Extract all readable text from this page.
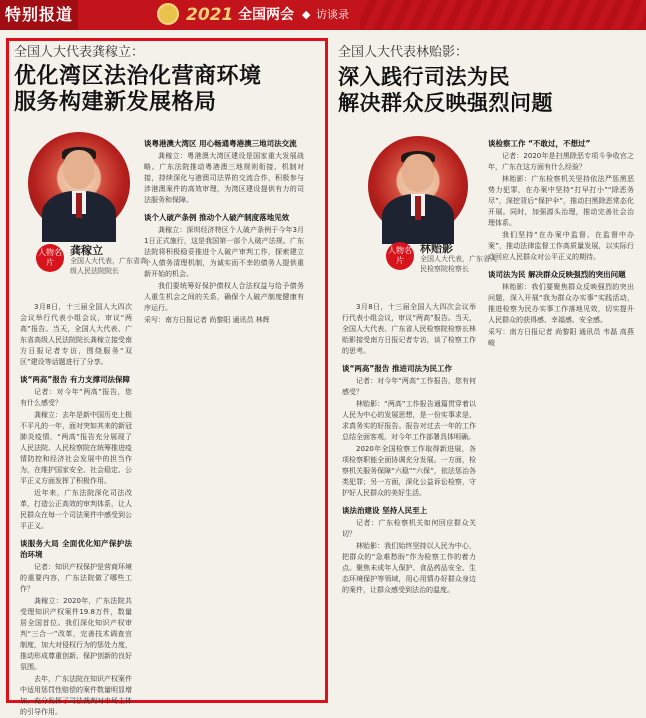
特别报道	2021 全国两会 ◆ 访谈录

全国人大代表龚稼立：

优化湾区法治化营商环境
服务构建新发展格局
人物名片
龚稼立
全国人大代表，广东省高级人民法院院长

3月8日，十三届全国人大四次会议举行代表小组会议，审议“两高”报告。当天，全国人大代表、广东省高级人民法院院长龚稼立接受南方日报记者专访，围绕服务“双区”建设等话题进行了分享。

谈“两高”报告 有力支撑司法保障

记者：对今年“两高”报告，您有什么感受？

龚稼立：去年是新中国历史上极不平凡的一年，面对突如其来的新冠肺炎疫情，“两高”报告充分展现了人民法院、人民检察院在统筹推进疫情防控和经济社会发展中的担当作为，在维护国家安全、社会稳定、公平正义方面发挥了积极作用。

近年来，广东法院深化司法改革，打造公正高效的审判体系，让人民群众在每一个司法案件中感受到公平正义。

谈服务大局 全面优化知产保护法治环境

记者：知识产权保护是营商环境的重要内容，广东法院做了哪些工作？

龚稼立：2020年，广东法院共受理知识产权案件19.8万件，数量居全国首位。我们深化知识产权审判“三合一”改革，完善技术调查官制度，加大对侵权行为的惩处力度，推动形成尊重创新、保护创新的良好氛围。

去年，广东法院在知识产权案件中适用惩罚性赔偿的案件数量明显增加，充分发挥了司法裁判对市场主体的引导作用。

谈粤港澳大湾区 用心畅通粤港澳三地司法交流

龚稼立：粤港澳大湾区建设是国家重大发展战略。广东法院推动粤港澳三地规则衔接、机制对接，持续深化与港澳司法界的交流合作，积极参与涉港澳案件的高效审理，为湾区建设提供有力的司法服务和保障。

谈个人破产条例 推动个人破产制度落地见效

龚稼立：深圳经济特区个人破产条例于今年3月1日正式施行，这是我国第一部个人破产法规。广东法院将积极稳妥推进个人破产审判工作，探索建立个人债务清理机制，为诚实而不幸的债务人提供重新开始的机会。

我们要统筹好保护债权人合法权益与给予债务人重生机会之间的关系，确保个人破产制度健康有序运行。

采写：南方日报记者 尚黎阳 通讯员 林辉

全国人大代表林贻影：

深入践行司法为民
解决群众反映强烈问题
人物名片
林贻影
全国人大代表，广东省人民检察院检察长

3月8日，十三届全国人大四次会议举行代表小组会议，审议“两高”报告。当天，全国人大代表、广东省人民检察院检察长林贻影接受南方日报记者专访，谈了检察工作的思考。

谈“两高”报告 推进司法为民工作

记者：对今年“两高”工作报告，您有何感受？

林贻影：“两高”工作报告通篇贯穿着以人民为中心的发展思想，是一份实事求是、求真务实的好报告。报告对过去一年的工作总结全面客观，对今年工作部署具体明确。

2020年全国检察工作取得新进展，各项检察职能全面协调充分发展。一方面，检察机关服务保障“六稳”“六保”，依法惩治各类犯罪；另一方面，深化公益诉讼检察，守护好人民群众的美好生活。

谈法治建设 坚持人民至上

记者：广东检察机关如何回应群众关切？

林贻影：我们始终坚持以人民为中心，把群众的“急难愁盼”作为检察工作的着力点。聚焦未成年人保护、食品药品安全、生态环境保护等领域，用心用情办好群众身边的案件，让群众感受到法治的温度。

谈检察工作 “不敢过，不想过”

记者：2020年是扫黑除恶专项斗争收官之年，广东在这方面有什么经验？

林贻影：广东检察机关坚持依法严惩黑恶势力犯罪，在办案中坚持“打早打小”“除恶务尽”，深挖背后“保护伞”，推动扫黑除恶常态化开展。同时，加强源头治理，推动完善社会治理体系。

我们坚持“在办案中监督、在监督中办案”，推动法律监督工作高质量发展，以实际行动回应人民群众对公平正义的期待。

谈司法为民 解决群众反映强烈的突出问题

林贻影：我们要聚焦群众反映强烈的突出问题，深入开展“我为群众办实事”实践活动，推进检察为民办实事工作落地见效，切实提升人民群众的获得感、幸福感、安全感。

采写：南方日报记者 尚黎阳 通讯员 韦磊 高燕峻
